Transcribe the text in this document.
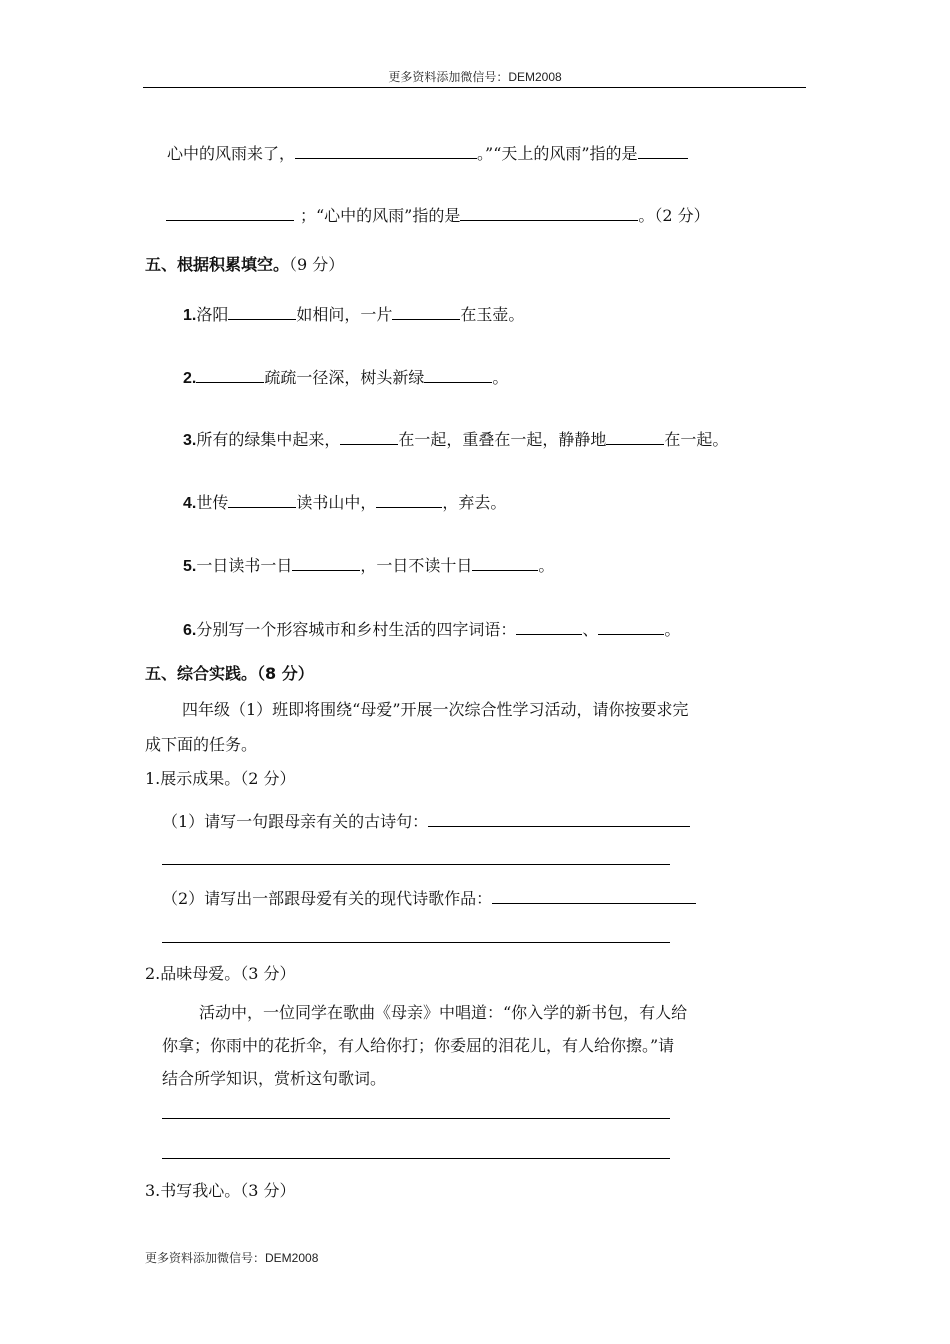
更多资料添加微信号：DEM2008
心中的风雨来了，	。”“天上的风雨”指的是
；“心中的风雨”指的是	。（2 分）
五、根据积累填空。（9 分）
1.洛阳	如相问，一片	在玉壶。
2.	疏疏一径深，树头新绿	。
3.所有的绿集中起来，	在一起，重叠在一起，静静地	在一起。
4.世传	读书山中，	，弃去。
5.一日读书一日	，一日不读十日	。
6.分别写一个形容城市和乡村生活的四字词语：	、	。
五、综合实践。（8 分）
四年级（1）班即将围绕“母爱”开展一次综合性学习活动，请你按要求完
成下面的任务。
1.展示成果。（2 分）
（1）请写一句跟母亲有关的古诗句：
（2）请写出一部跟母爱有关的现代诗歌作品：
2.品味母爱。（3 分）
活动中，一位同学在歌曲《母亲》中唱道：“你入学的新书包，有人给
你拿；你雨中的花折伞，有人给你打；你委屈的泪花儿，有人给你擦。”请
结合所学知识，赏析这句歌词。
3.书写我心。（3 分）
更多资料添加微信号：DEM2008
